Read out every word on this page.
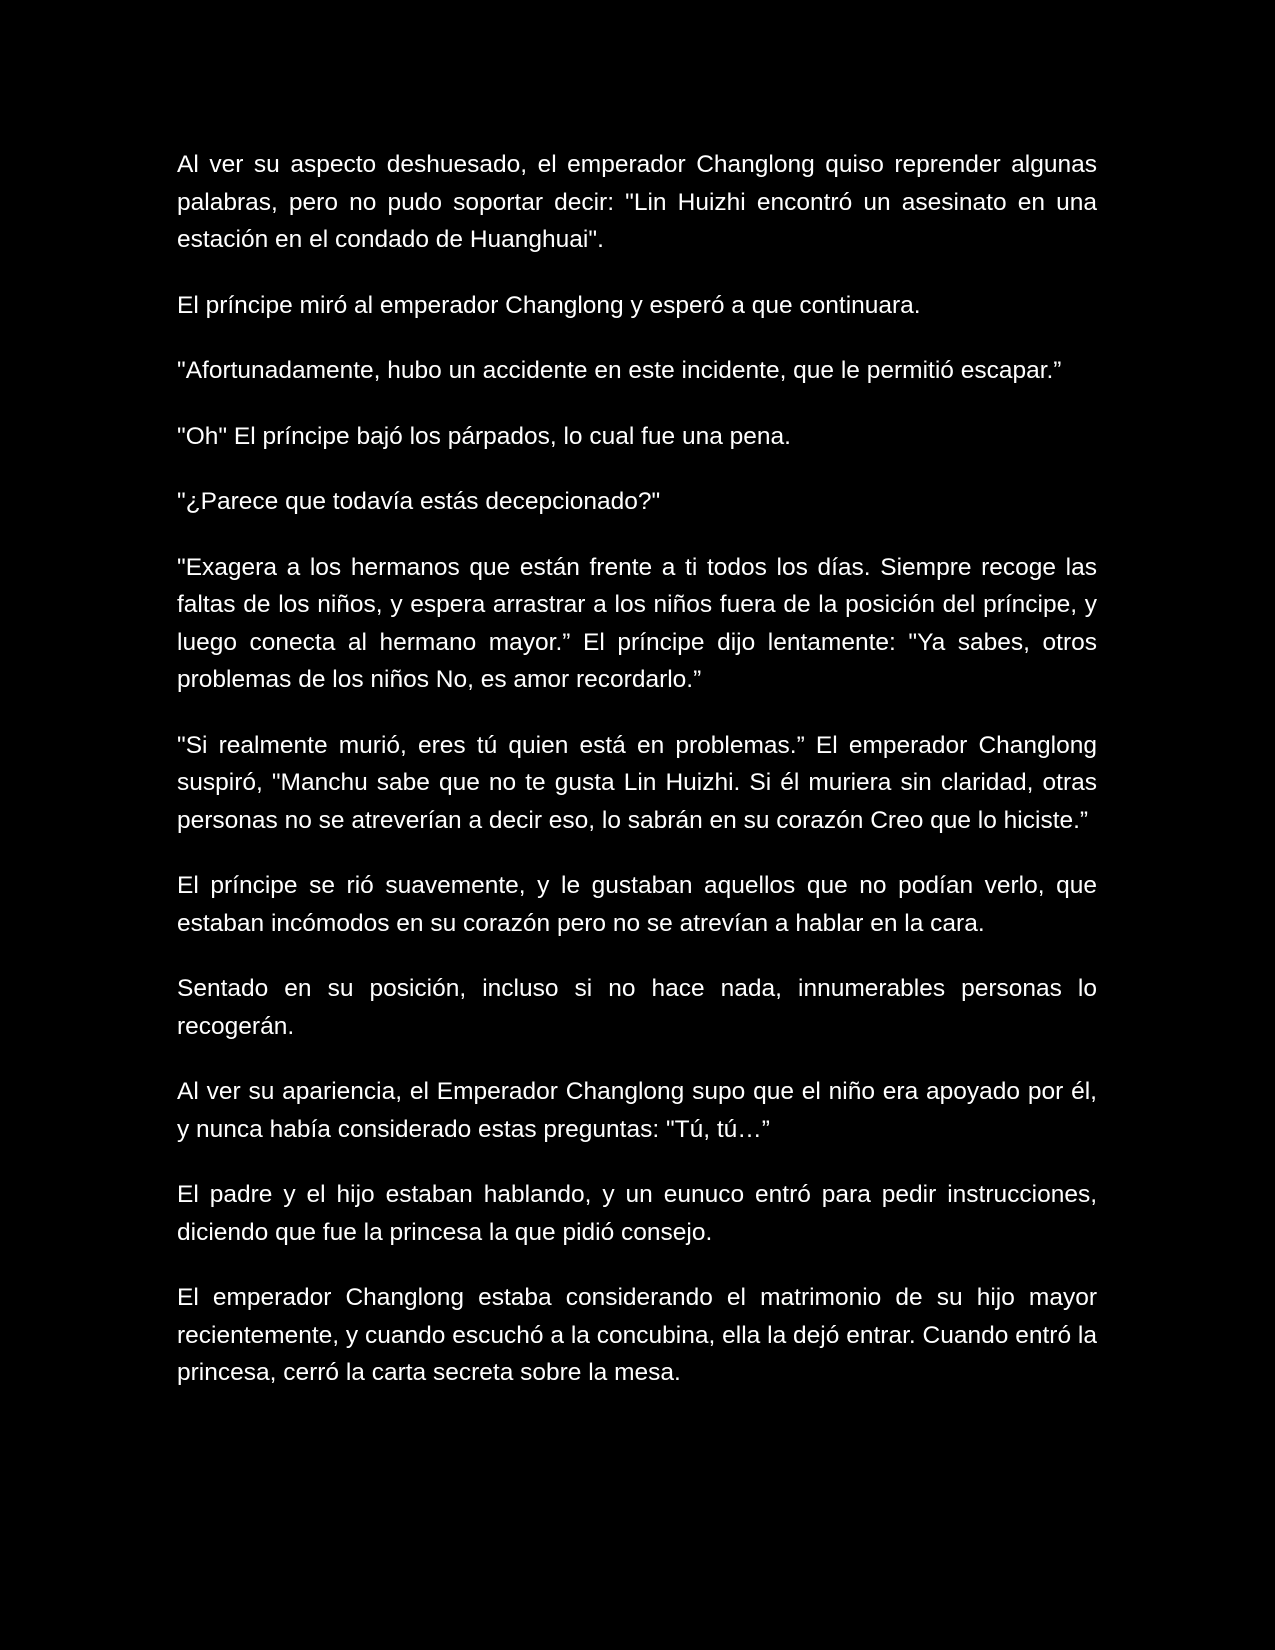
Al ver su aspecto deshuesado, el emperador Changlong quiso reprender algunas palabras, pero no pudo soportar decir: "Lin Huizhi encontró un asesinato en una estación en el condado de Huanghuai".

El príncipe miró al emperador Changlong y esperó a que continuara.

"Afortunadamente, hubo un accidente en este incidente, que le permitió escapar.”

"Oh" El príncipe bajó los párpados, lo cual fue una pena.

"¿Parece que todavía estás decepcionado?"

"Exagera a los hermanos que están frente a ti todos los días. Siempre recoge las faltas de los niños, y espera arrastrar a los niños fuera de la posición del príncipe, y luego conecta al hermano mayor.” El príncipe dijo lentamente: "Ya sabes, otros problemas de los niños No, es amor recordarlo.”

"Si realmente murió, eres tú quien está en problemas.” El emperador Changlong suspiró, "Manchu sabe que no te gusta Lin Huizhi. Si él muriera sin claridad, otras personas no se atreverían a decir eso, lo sabrán en su corazón Creo que lo hiciste.”

El príncipe se rió suavemente, y le gustaban aquellos que no podían verlo, que estaban incómodos en su corazón pero no se atrevían a hablar en la cara.

Sentado en su posición, incluso si no hace nada, innumerables personas lo recogerán.

Al ver su apariencia, el Emperador Changlong supo que el niño era apoyado por él, y nunca había considerado estas preguntas: "Tú, tú…”

El padre y el hijo estaban hablando, y un eunuco entró para pedir instrucciones, diciendo que fue la princesa la que pidió consejo.

El emperador Changlong estaba considerando el matrimonio de su hijo mayor recientemente, y cuando escuchó a la concubina, ella la dejó entrar. Cuando entró la princesa, cerró la carta secreta sobre la mesa.
